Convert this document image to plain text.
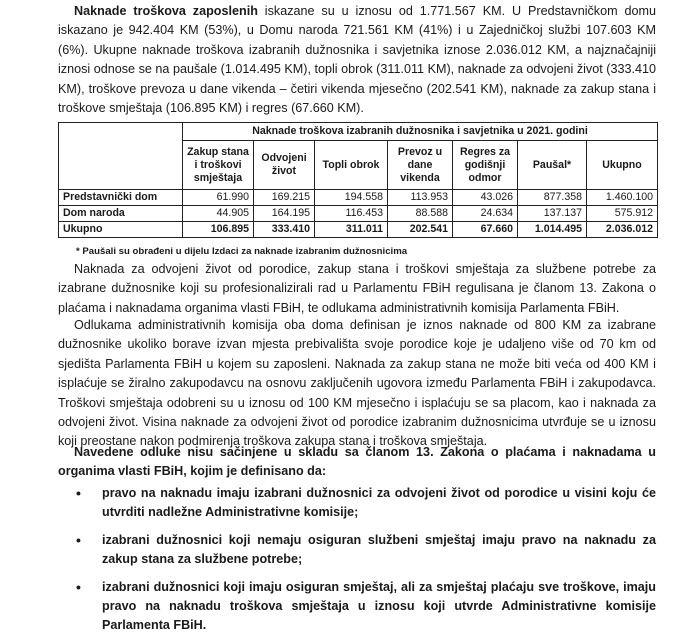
Naknade troškova zaposlenih iskazane su u iznosu od 1.771.567 KM. U Predstavničkom domu iskazano je 942.404 KM (53%), u Domu naroda 721.561 KM (41%) i u Zajedničkoj službi 107.603 KM (6%). Ukupne naknade troškova izabranih dužnosnika i savjetnika iznose 2.036.012 KM, a najznačajniji iznosi odnose se na paušale (1.014.495 KM), topli obrok (311.011 KM), naknade za odvojeni život (333.410 KM), troškove prevoza u dane vikenda – četiri vikenda mjesečno (202.541 KM), naknade za zakup stana i troškove smještaja (106.895 KM) i regres (67.660 KM).

	Naknade troškova izabranih dužnosnika i savjetnika u 2021. godini						
	Zakup stana i troškovi smještaja	Odvojeni život	Topli obrok	Prevoz u dane vikenda	Regres za godišnji odmor	Paušal*	Ukupno
Predstavnički dom	61.990	169.215	194.558	113.953	43.026	877.358	1.460.100
Dom naroda	44.905	164.195	116.453	88.588	24.634	137.137	575.912
Ukupno	106.895	333.410	311.011	202.541	67.660	1.014.495	2.036.012

* Paušali su obrađeni u dijelu Izdaci za naknade izabranim dužnosnicima

Naknada za odvojeni život od porodice, zakup stana i troškovi smještaja za službene potrebe za izabrane dužnosnike koji su profesionalizirali rad u Parlamentu FBiH regulisana je članom 13. Zakona o plaćama i naknadama organima vlasti FBiH, te odlukama administrativnih komisija Parlamenta FBiH.

Odlukama administrativnih komisija oba doma definisan je iznos naknade od 800 KM za izabrane dužnosnike ukoliko borave izvan mjesta prebivališta svoje porodice koje je udaljeno više od 70 km od sjedišta Parlamenta FBiH u kojem su zaposleni. Naknada za zakup stana ne može biti veća od 400 KM i isplaćuje se žiralno zakupodavcu na osnovu zaključenih ugovora između Parlamenta FBiH i zakupodavca. Troškovi smještaja odobreni su u iznosu od 100 KM mjesečno i isplaćuju se sa placom, kao i naknada za odvojeni život. Visina naknade za odvojeni život od porodice izabranim dužnosnicima utvrđuje se u iznosu koji preostane nakon podmirenja troškova zakupa stana i troškova smještaja.

Navedene odluke nisu sačinjene u skladu sa članom 13. Zakona o plaćama i naknadama u organima vlasti FBiH, kojim je definisano da:

• pravo na naknadu imaju izabrani dužnosnici za odvojeni život od porodice u visini koju će utvrditi nadležne Administrativne komisije;
• izabrani dužnosnici koji nemaju osiguran službeni smještaj imaju pravo na naknadu za zakup stana za službene potrebe;
• izabrani dužnosnici koji imaju osiguran smještaj, ali za smještaj plaćaju sve troškove, imaju pravo na naknadu troškova smještaja u iznosu koji utvrde Administrativne komisije Parlamenta FBiH.
